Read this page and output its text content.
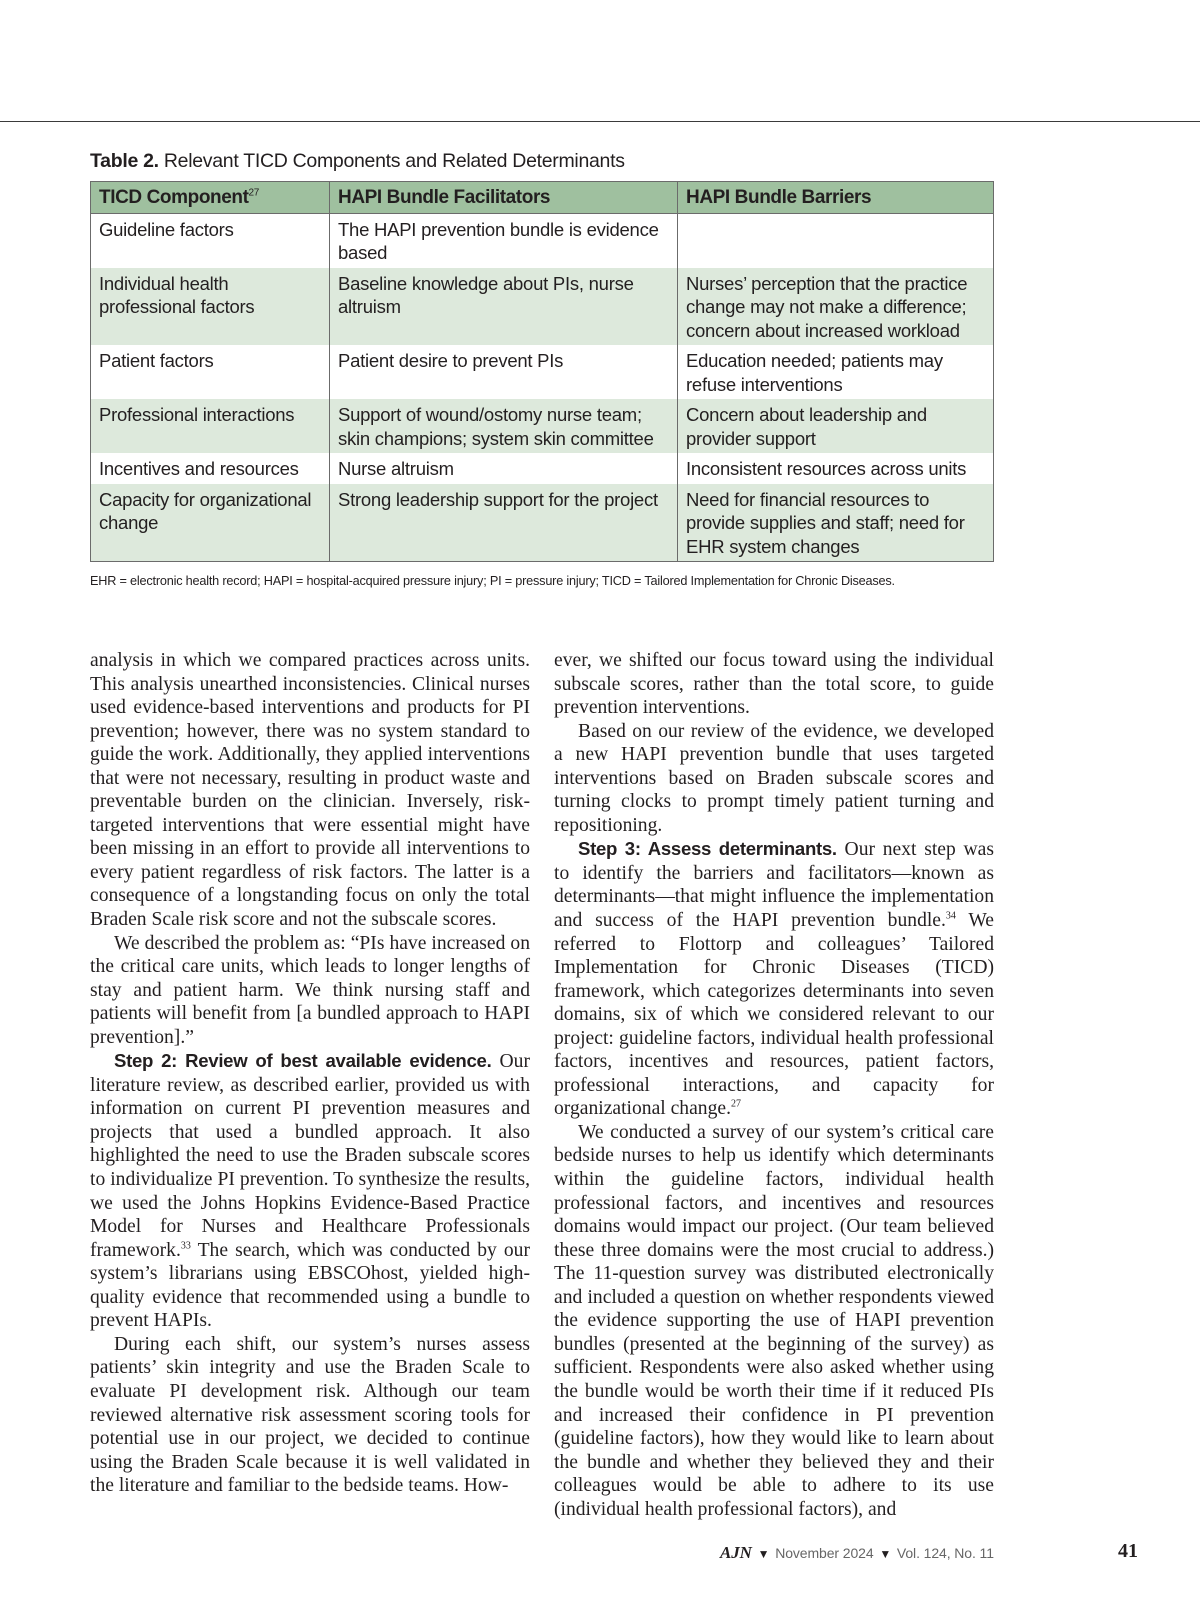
Table 2. Relevant TICD Components and Related Determinants
TICD Component$^{27}$	HAPI Bundle Facilitators	HAPI Bundle Barriers
Guideline factors	The HAPI prevention bundle is evidence based	
Individual health professional factors	Baseline knowledge about PIs, nurse altruism	Nurses’ perception that the practice change may not make a difference; concern about increased workload
Patient factors	Patient desire to prevent PIs	Education needed; patients may refuse interventions
Professional interactions	Support of wound/ostomy nurse team; skin champions; system skin committee	Concern about leadership and provider support
Incentives and resources	Nurse altruism	Inconsistent resources across units
Capacity for organizational change	Strong leadership support for the project	Need for financial resources to provide supplies and staff; need for EHR system changes
EHR = electronic health record; HAPI = hospital-acquired pressure injury; PI = pressure injury; TICD = Tailored Implementation for Chronic Diseases.

analysis in which we compared practices across units. This analysis unearthed inconsistencies. Clinical nurses used evidence-based interventions and products for PI prevention; however, there was no system standard to guide the work. Additionally, they applied interventions that were not necessary, resulting in product waste and preventable burden on the clinician. Inversely, risk-targeted interventions that were essential might have been missing in an effort to provide all interventions to every patient regardless of risk factors. The latter is a consequence of a longstanding focus on only the total Braden Scale risk score and not the subscale scores.

We described the problem as: “PIs have increased on the critical care units, which leads to longer lengths of stay and patient harm. We think nursing staff and patients will benefit from [a bundled approach to HAPI prevention].”

Step 2: Review of best available evidence. Our literature review, as described earlier, provided us with information on current PI prevention measures and projects that used a bundled approach. It also highlighted the need to use the Braden subscale scores to individualize PI prevention. To synthesize the results, we used the Johns Hopkins Evidence-Based Practice Model for Nurses and Healthcare Professionals framework.$^{33}$ The search, which was conducted by our system’s librarians using EBSCOhost, yielded high-quality evidence that recommended using a bundle to prevent HAPIs.

During each shift, our system’s nurses assess patients’ skin integrity and use the Braden Scale to evaluate PI development risk. Although our team reviewed alternative risk assessment scoring tools for potential use in our project, we decided to continue using the Braden Scale because it is well validated in the literature and familiar to the bedside teams. How-

ever, we shifted our focus toward using the individual subscale scores, rather than the total score, to guide prevention interventions.

Based on our review of the evidence, we developed a new HAPI prevention bundle that uses targeted interventions based on Braden subscale scores and turning clocks to prompt timely patient turning and repositioning.

Step 3: Assess determinants. Our next step was to identify the barriers and facilitators—known as determinants—that might influence the implementation and success of the HAPI prevention bundle.$^{34}$ We referred to Flottorp and colleagues’ Tailored Implementation for Chronic Diseases (TICD) framework, which categorizes determinants into seven domains, six of which we considered relevant to our project: guideline factors, individual health professional factors, incentives and resources, patient factors, professional interactions, and capacity for organizational change.$^{27}$

We conducted a survey of our system’s critical care bedside nurses to help us identify which determinants within the guideline factors, individual health professional factors, and incentives and resources domains would impact our project. (Our team believed these three domains were the most crucial to address.) The 11-question survey was distributed electronically and included a question on whether respondents viewed the evidence supporting the use of HAPI prevention bundles (presented at the beginning of the survey) as sufficient. Respondents were also asked whether using the bundle would be worth their time if it reduced PIs and increased their confidence in PI prevention (guideline factors), how they would like to learn about the bundle and whether they believed they and their colleagues would be able to adhere to its use (individual health professional factors), and

AJN ▼ November 2024 ▼ Vol. 124, No. 11	41
